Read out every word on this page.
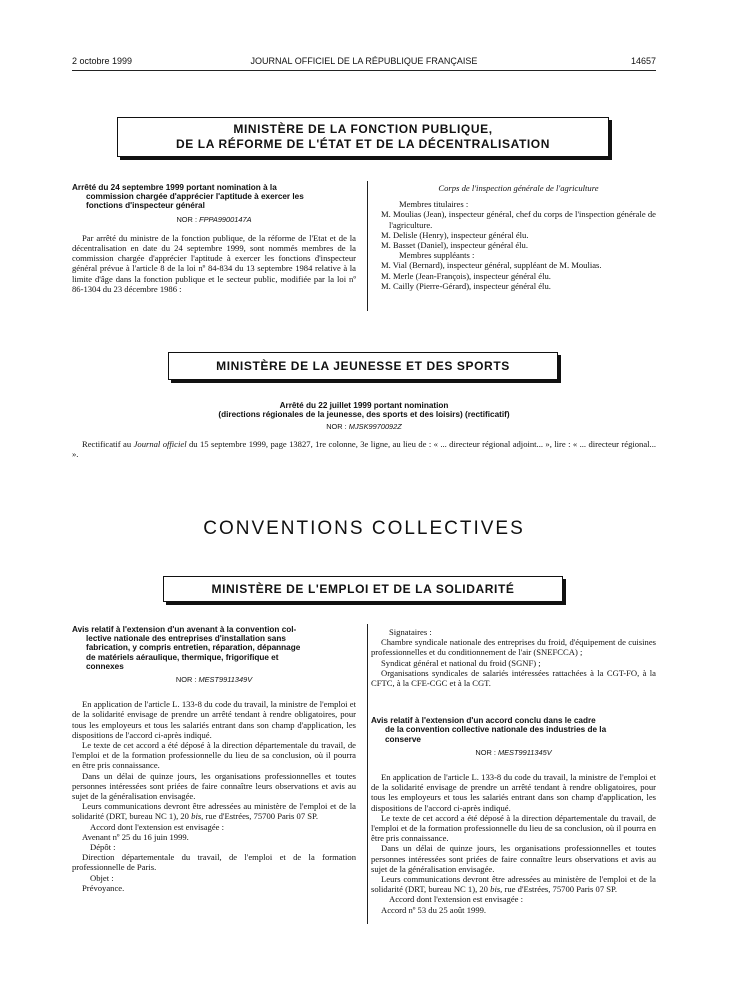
2 octobre 1999	JOURNAL OFFICIEL DE LA RÉPUBLIQUE FRANÇAISE	14657
MINISTÈRE DE LA FONCTION PUBLIQUE,
DE LA RÉFORME DE L'ÉTAT ET DE LA DÉCENTRALISATION
Arrêté du 24 septembre 1999 portant nomination à la
commission chargée d'apprécier l'aptitude à exercer les
fonctions d'inspecteur général
NOR : FPPA9900147A

Par arrêté du ministre de la fonction publique, de la réforme de l'Etat et de la décentralisation en date du 24 septembre 1999, sont nommés membres de la commission chargée d'apprécier l'aptitude à exercer les fonctions d'inspecteur général prévue à l'article 8 de la loi nº 84-834 du 13 septembre 1984 relative à la limite d'âge dans la fonction publique et le secteur public, modifiée par la loi nº 86-1304 du 23 décembre 1986 :

Corps de l'inspection générale de l'agriculture

Membres titulaires :

M. Moulias (Jean), inspecteur général, chef du corps de l'inspection générale de l'agriculture.

M. Delisle (Henry), inspecteur général élu.

M. Basset (Daniel), inspecteur général élu.

Membres suppléants :

M. Vial (Bernard), inspecteur général, suppléant de M. Moulias.

M. Merle (Jean-François), inspecteur général élu.

M. Cailly (Pierre-Gérard), inspecteur général élu.

MINISTÈRE DE LA JEUNESSE ET DES SPORTS
Arrêté du 22 juillet 1999 portant nomination
(directions régionales de la jeunesse, des sports et des loisirs) (rectificatif)
NOR : MJSK9970092Z

Rectificatif au Journal officiel du 15 septembre 1999, page 13827, 1re colonne, 3e ligne, au lieu de : « ... directeur régional adjoint... », lire : « ... directeur régional... ».

CONVENTIONS COLLECTIVES
MINISTÈRE DE L'EMPLOI ET DE LA SOLIDARITÉ
Avis relatif à l'extension d'un avenant à la convention col-
lective nationale des entreprises d'installation sans
fabrication, y compris entretien, réparation, dépannage
de matériels aéraulique, thermique, frigorifique et
connexes
NOR : MEST9911349V

En application de l'article L. 133-8 du code du travail, la ministre de l'emploi et de la solidarité envisage de prendre un arrêté tendant à rendre obligatoires, pour tous les employeurs et tous les salariés entrant dans son champ d'application, les dispositions de l'accord ci-après indiqué.

Le texte de cet accord a été déposé à la direction départementale du travail, de l'emploi et de la formation professionnelle du lieu de sa conclusion, où il pourra en être pris connaissance.

Dans un délai de quinze jours, les organisations professionnelles et toutes personnes intéressées sont priées de faire connaître leurs observations et avis au sujet de la généralisation envisagée.

Leurs communications devront être adressées au ministère de l'emploi et de la solidarité (DRT, bureau NC 1), 20 bis, rue d'Estrées, 75700 Paris 07 SP.

Accord dont l'extension est envisagée :

Avenant nº 25 du 16 juin 1999.

Dépôt :

Direction départementale du travail, de l'emploi et de la formation professionnelle de Paris.

Objet :

Prévoyance.

Signataires :

Chambre syndicale nationale des entreprises du froid, d'équipement de cuisines professionnelles et du conditionnement de l'air (SNEFCCA) ;

Syndicat général et national du froid (SGNF) ;

Organisations syndicales de salariés intéressées rattachées à la CGT-FO, à la CFTC, à la CFE-CGC et à la CGT.

Avis relatif à l'extension d'un accord conclu dans le cadre
de la convention collective nationale des industries de la
conserve
NOR : MEST9911345V

En application de l'article L. 133-8 du code du travail, la ministre de l'emploi et de la solidarité envisage de prendre un arrêté tendant à rendre obligatoires, pour tous les employeurs et tous les salariés entrant dans son champ d'application, les dispositions de l'accord ci-après indiqué.

Le texte de cet accord a été déposé à la direction départementale du travail, de l'emploi et de la formation professionnelle du lieu de sa conclusion, où il pourra en être pris connaissance.

Dans un délai de quinze jours, les organisations professionnelles et toutes personnes intéressées sont priées de faire connaître leurs observations et avis au sujet de la généralisation envisagée.

Leurs communications devront être adressées au ministère de l'emploi et de la solidarité (DRT, bureau NC 1), 20 bis, rue d'Estrées, 75700 Paris 07 SP.

Accord dont l'extension est envisagée :

Accord nº 53 du 25 août 1999.
